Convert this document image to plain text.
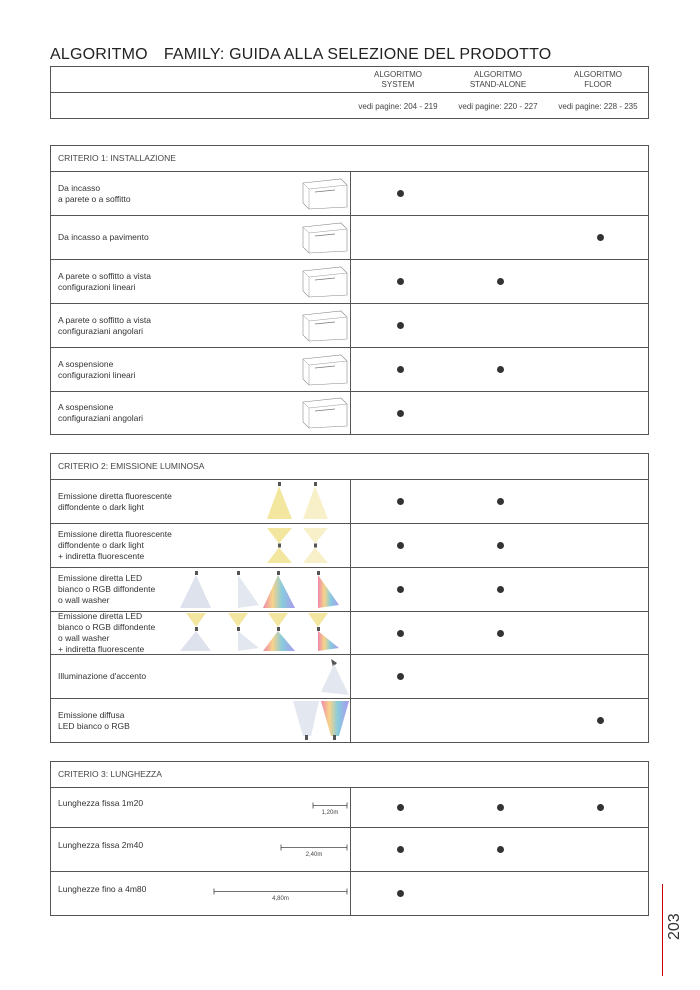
ALGORITMO FAMILY: GUIDA ALLA SELEZIONE DEL PRODOTTO
ALGORITMO
SYSTEM
ALGORITMO
STAND-ALONE
ALGORITMO
FLOOR
vedi pagine: 204 - 219	vedi pagine: 220 - 227	vedi pagine: 228 - 235
CRITERIO 1: INSTALLAZIONE
Da incasso
a parete o a soffitto
Da incasso a pavimento
A parete o soffitto a vista
configurazioni lineari
A parete o soffitto a vista
configuraziani angolari
A sospensione
configurazioni lineari
A sospensione
configuraziani angolari
CRITERIO 2: EMISSIONE LUMINOSA
Emissione diretta fluorescente
diffondente o dark light
Emissione diretta fluorescente
diffondente o dark light
+ indiretta fluorescente
Emissione diretta LED
bianco o RGB diffondente
o wall washer
Emissione diretta LED
bianco o RGB diffondente
o wall washer
+ indiretta fluorescente
Illuminazione d'accento
Emissione diffusa
LED bianco o RGB
CRITERIO 3: LUNGHEZZA
Lunghezza fissa 1m20
1,20m
Lunghezza fissa 2m40
2,40m
Lunghezze fino a 4m80
4,80m
203
